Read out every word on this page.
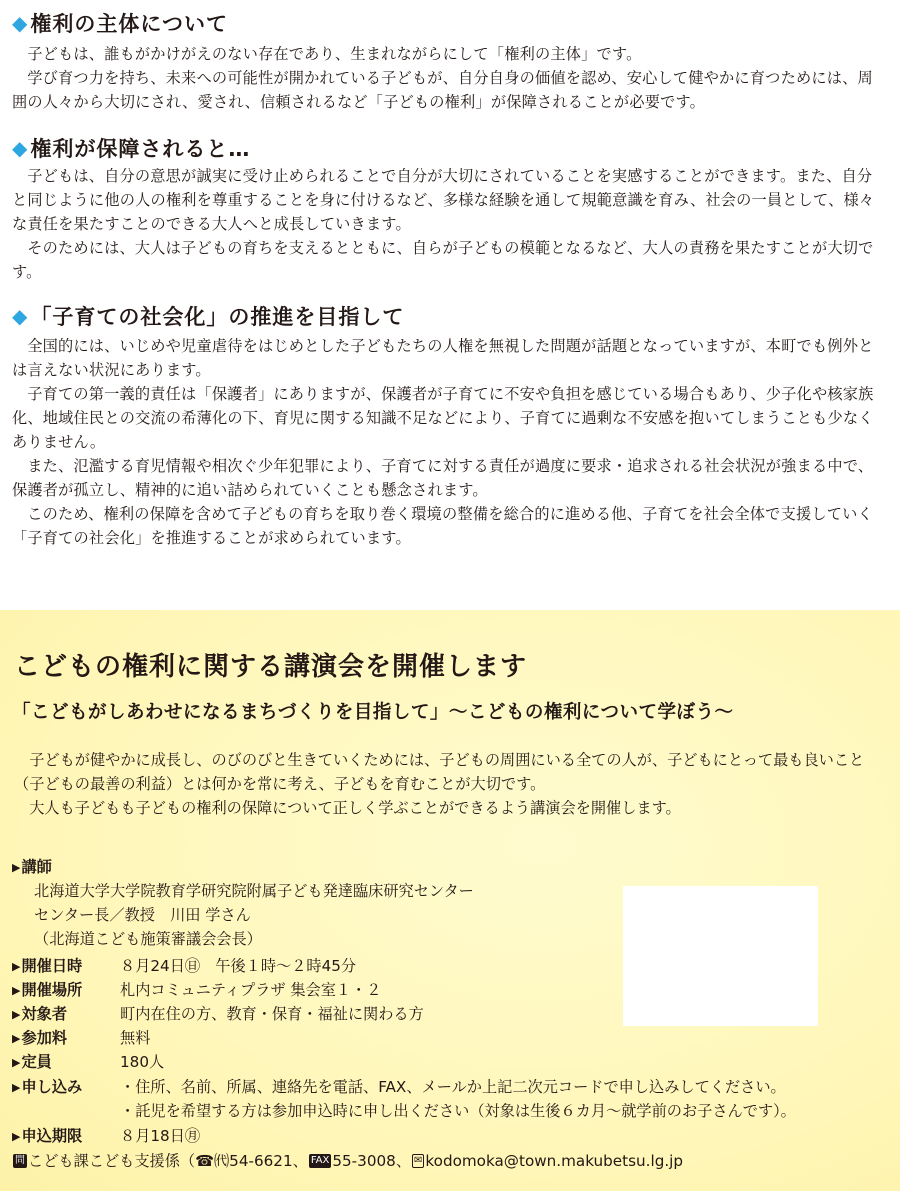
◆ 権利の主体について

子どもは、誰もがかけがえのない存在であり、生まれながらにして「権利の主体」です。

学び育つ力を持ち、未来への可能性が開かれている子どもが、自分自身の価値を認め、安心して健やかに育つためには、周囲の人々から大切にされ、愛され、信頼されるなど「子どもの権利」が保障されることが必要です。

◆ 権利が保障されると…

子どもは、自分の意思が誠実に受け止められることで自分が大切にされていることを実感することができます。また、自分と同じように他の人の権利を尊重することを身に付けるなど、多様な経験を通して規範意識を育み、社会の一員として、様々な責任を果たすことのできる大人へと成長していきます。

そのためには、大人は子どもの育ちを支えるとともに、自らが子どもの模範となるなど、大人の責務を果たすことが大切です。

◆ 「子育ての社会化」の推進を目指して

全国的には、いじめや児童虐待をはじめとした子どもたちの人権を無視した問題が話題となっていますが、本町でも例外とは言えない状況にあります。

子育ての第一義的責任は「保護者」にありますが、保護者が子育てに不安や負担を感じている場合もあり、少子化や核家族化、地域住民との交流の希薄化の下、育児に関する知識不足などにより、子育てに過剰な不安感を抱いてしまうことも少なくありません。

また、氾濫する育児情報や相次ぐ少年犯罪により、子育てに対する責任が過度に要求・追求される社会状況が強まる中で、保護者が孤立し、精神的に追い詰められていくことも懸念されます。

このため、権利の保障を含めて子どもの育ちを取り巻く環境の整備を総合的に進める他、子育てを社会全体で支援していく「子育ての社会化」を推進することが求められています。

こどもの権利に関する講演会を開催します
「こどもがしあわせになるまちづくりを目指して」～こどもの権利について学ぼう～

子どもが健やかに成長し、のびのびと生きていくためには、子どもの周囲にいる全ての人が、子どもにとって最も良いこと（子どもの最善の利益）とは何かを常に考え、子どもを育むことが大切です。

大人も子どもも子どもの権利の保障について正しく学ぶことができるよう講演会を開催します。

▶講師
北海道大学大学院教育学研究院附属子ども発達臨床研究センター
センター長／教授　川田 学さん
（北海道こども施策審議会会長）
▶開催日時	８月24日㊐　午後１時～２時45分
▶開催場所	札内コミュニティプラザ 集会室１・２
▶対象者	町内在住の方、教育・保育・福祉に関わる方
▶参加料	無料
▶定員	180人
▶申し込み	・住所、名前、所属、連絡先を電話、FAX、メールか上記二次元コードで申し込みしてください。
・託児を希望する方は参加申込時に申し出ください（対象は生後６カ月～就学前のお子さんです）。
▶申込期限	８月18日㊊
問 こども課こども支援係（ ☎ ㈹ 54-6621、 FAX 55-3008、 ✉ kodomoka@town.makubetsu.lg.jp
